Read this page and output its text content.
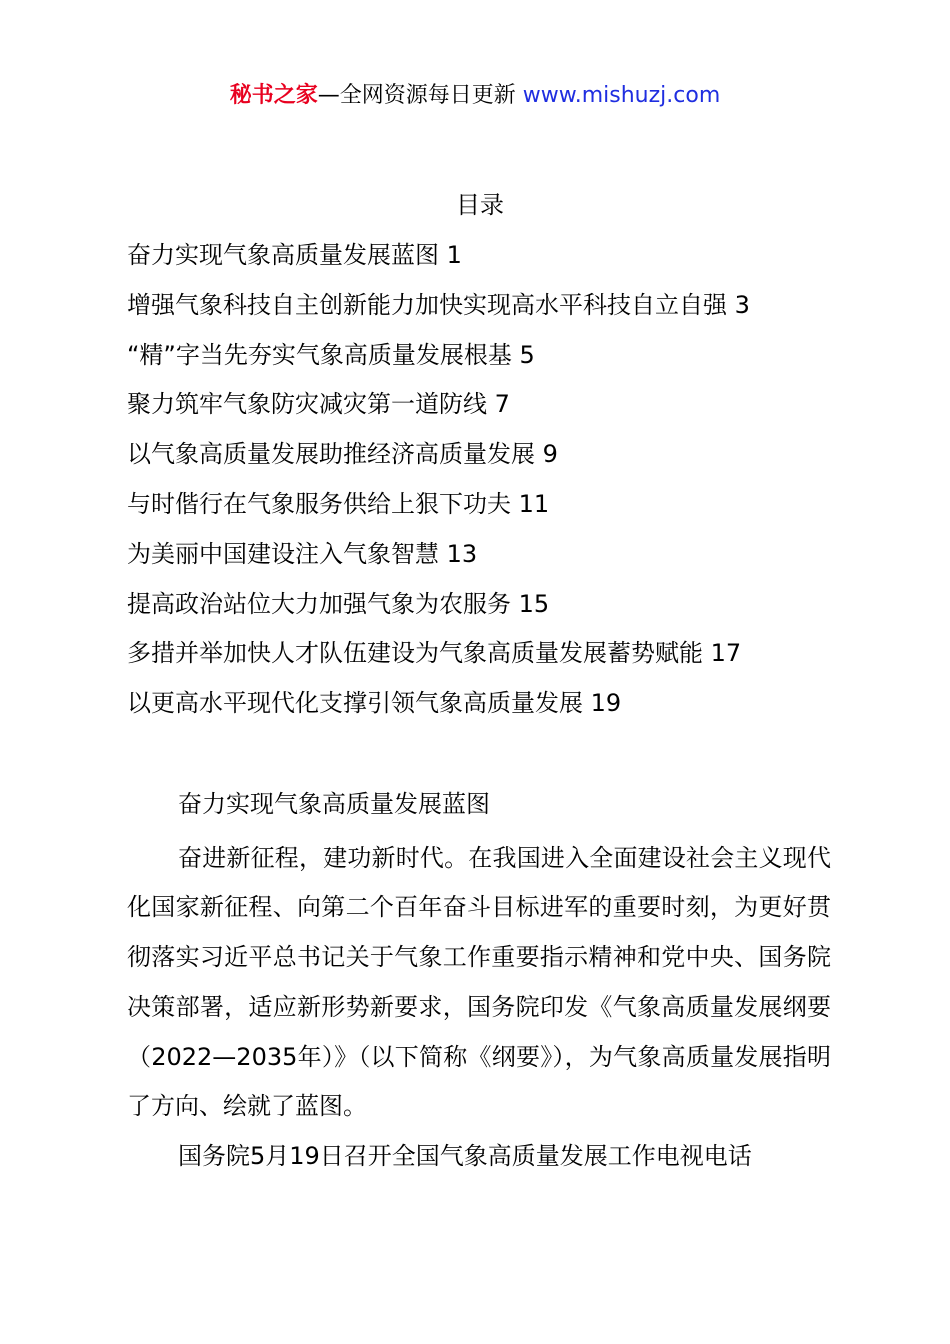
秘书之家—全网资源每日更新 www.mishuzj.com
目录
奋力实现气象高质量发展蓝图 1
增强气象科技自主创新能力加快实现高水平科技自立自强 3
“精”字当先夯实气象高质量发展根基 5
聚力筑牢气象防灾减灾第一道防线 7
以气象高质量发展助推经济高质量发展 9
与时偕行在气象服务供给上狠下功夫 11
为美丽中国建设注入气象智慧 13
提高政治站位大力加强气象为农服务 15
多措并举加快人才队伍建设为气象高质量发展蓄势赋能 17
以更高水平现代化支撑引领气象高质量发展 19
奋力实现气象高质量发展蓝图

奋进新征程，建功新时代。在我国进入全面建设社会主义现代化国家新征程、向第二个百年奋斗目标进军的重要时刻，为更好贯彻落实习近平总书记关于气象工作重要指示精神和党中央、国务院决策部署，适应新形势新要求，国务院印发《气象高质量发展纲要（2022—2035年）》（以下简称《纲要》），为气象高质量发展指明了方向、绘就了蓝图。

国务院5月19日召开全国气象高质量发展工作电视电话
